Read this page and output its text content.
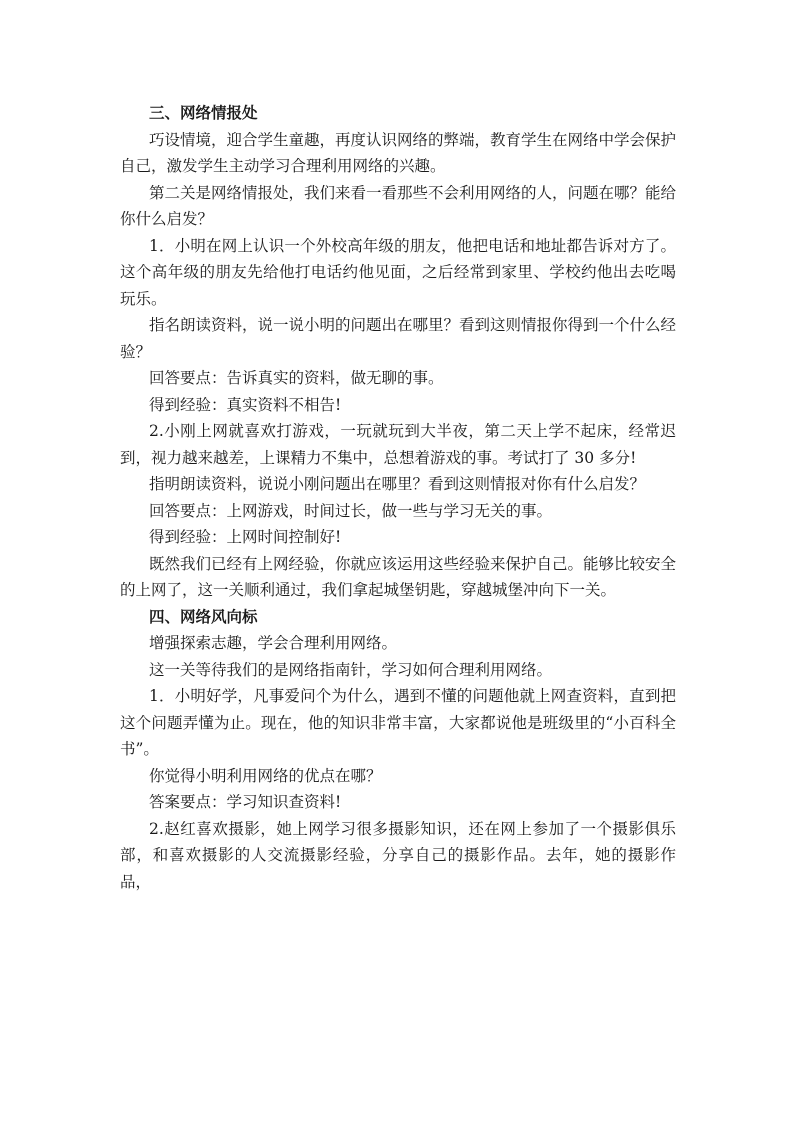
三、网络情报处

巧设情境，迎合学生童趣，再度认识网络的弊端，教育学生在网络中学会保护自己，激发学生主动学习合理利用网络的兴趣。

第二关是网络情报处，我们来看一看那些不会利用网络的人，问题在哪？能给你什么启发？

1．小明在网上认识一个外校高年级的朋友，他把电话和地址都告诉对方了。这个高年级的朋友先给他打电话约他见面，之后经常到家里、学校约他出去吃喝玩乐。

指名朗读资料，说一说小明的问题出在哪里？看到这则情报你得到一个什么经验？

回答要点：告诉真实的资料，做无聊的事。

得到经验：真实资料不相告!

2.小刚上网就喜欢打游戏，一玩就玩到大半夜，第二天上学不起床，经常迟到，视力越来越差，上课精力不集中，总想着游戏的事。考试打了 30 多分!

指明朗读资料，说说小刚问题出在哪里？看到这则情报对你有什么启发？

回答要点：上网游戏，时间过长，做一些与学习无关的事。

得到经验：上网时间控制好!

既然我们已经有上网经验，你就应该运用这些经验来保护自己。能够比较安全的上网了，这一关顺利通过，我们拿起城堡钥匙，穿越城堡冲向下一关。

四、网络风向标

增强探索志趣，学会合理利用网络。

这一关等待我们的是网络指南针，学习如何合理利用网络。

1．小明好学，凡事爱问个为什么，遇到不懂的问题他就上网查资料，直到把这个问题弄懂为止。现在，他的知识非常丰富，大家都说他是班级里的“小百科全书”。

你觉得小明利用网络的优点在哪？

答案要点：学习知识查资料!

2.赵红喜欢摄影，她上网学习很多摄影知识，还在网上参加了一个摄影俱乐部，和喜欢摄影的人交流摄影经验，分享自己的摄影作品。去年，她的摄影作品，
